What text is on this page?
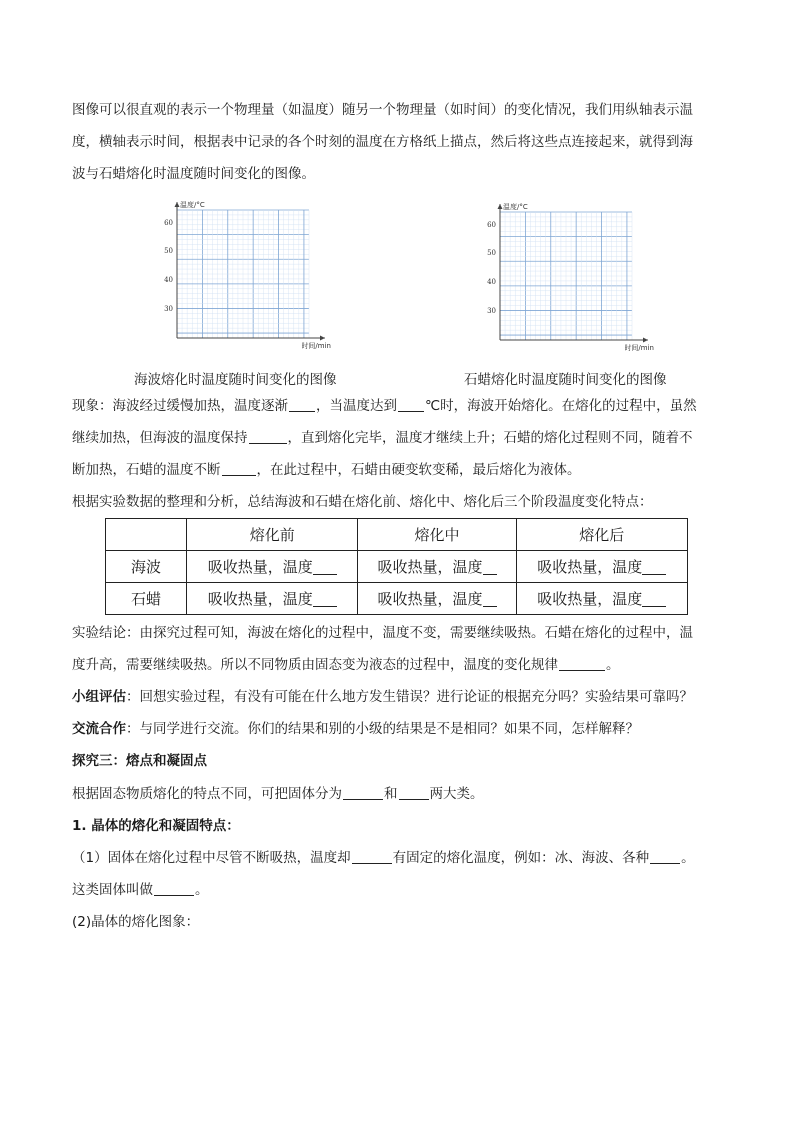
图像可以很直观的表示一个物理量（如温度）随另一个物理量（如时间）的变化情况，我们用纵轴表示温

度，横轴表示时间，根据表中记录的各个时刻的温度在方格纸上描点，然后将这些点连接起来，就得到海

波与石蜡熔化时温度随时间变化的图像。

60
50
40
30
温度/°C
时间/min
60
50
40
30
温度/°C
时间/min
海波熔化时温度随时间变化的图像	石蜡熔化时温度随时间变化的图像

现象：海波经过缓慢加热，温度逐渐 ，当温度达到 ℃时，海波开始熔化。在熔化的过程中，虽然

继续加热，但海波的温度保持	，直到熔化完毕，温度才继续上升；石蜡的熔化过程则不同，随着不

断加热，石蜡的温度不断	，在此过程中，石蜡由硬变软变稀，最后熔化为液体。

根据实验数据的整理和分析，总结海波和石蜡在熔化前、熔化中、熔化后三个阶段温度变化特点：

	熔化前	熔化中	熔化后
海波	吸收热量，温度	吸收热量，温度	吸收热量，温度
石蜡	吸收热量，温度	吸收热量，温度	吸收热量，温度

实验结论：由探究过程可知，海波在熔化的过程中，温度不变，需要继续吸热。石蜡在熔化的过程中，温

度升高，需要继续吸热。所以不同物质由固态变为液态的过程中，温度的变化规律	。

小组评估：回想实验过程，有没有可能在什么地方发生错误？进行论证的根据充分吗？实验结果可靠吗？

交流合作：与同学进行交流。你们的结果和别的小级的结果是不是相同？如果不同，怎样解释？

探究三：熔点和凝固点

根据固态物质熔化的特点不同，可把固体分为	和 两大类。

1. 晶体的熔化和凝固特点：

（1）固体在熔化过程中尽管不断吸热，温度却	有固定的熔化温度，例如：冰、海波、各种 。

这类固体叫做	。

(2)晶体的熔化图象：
